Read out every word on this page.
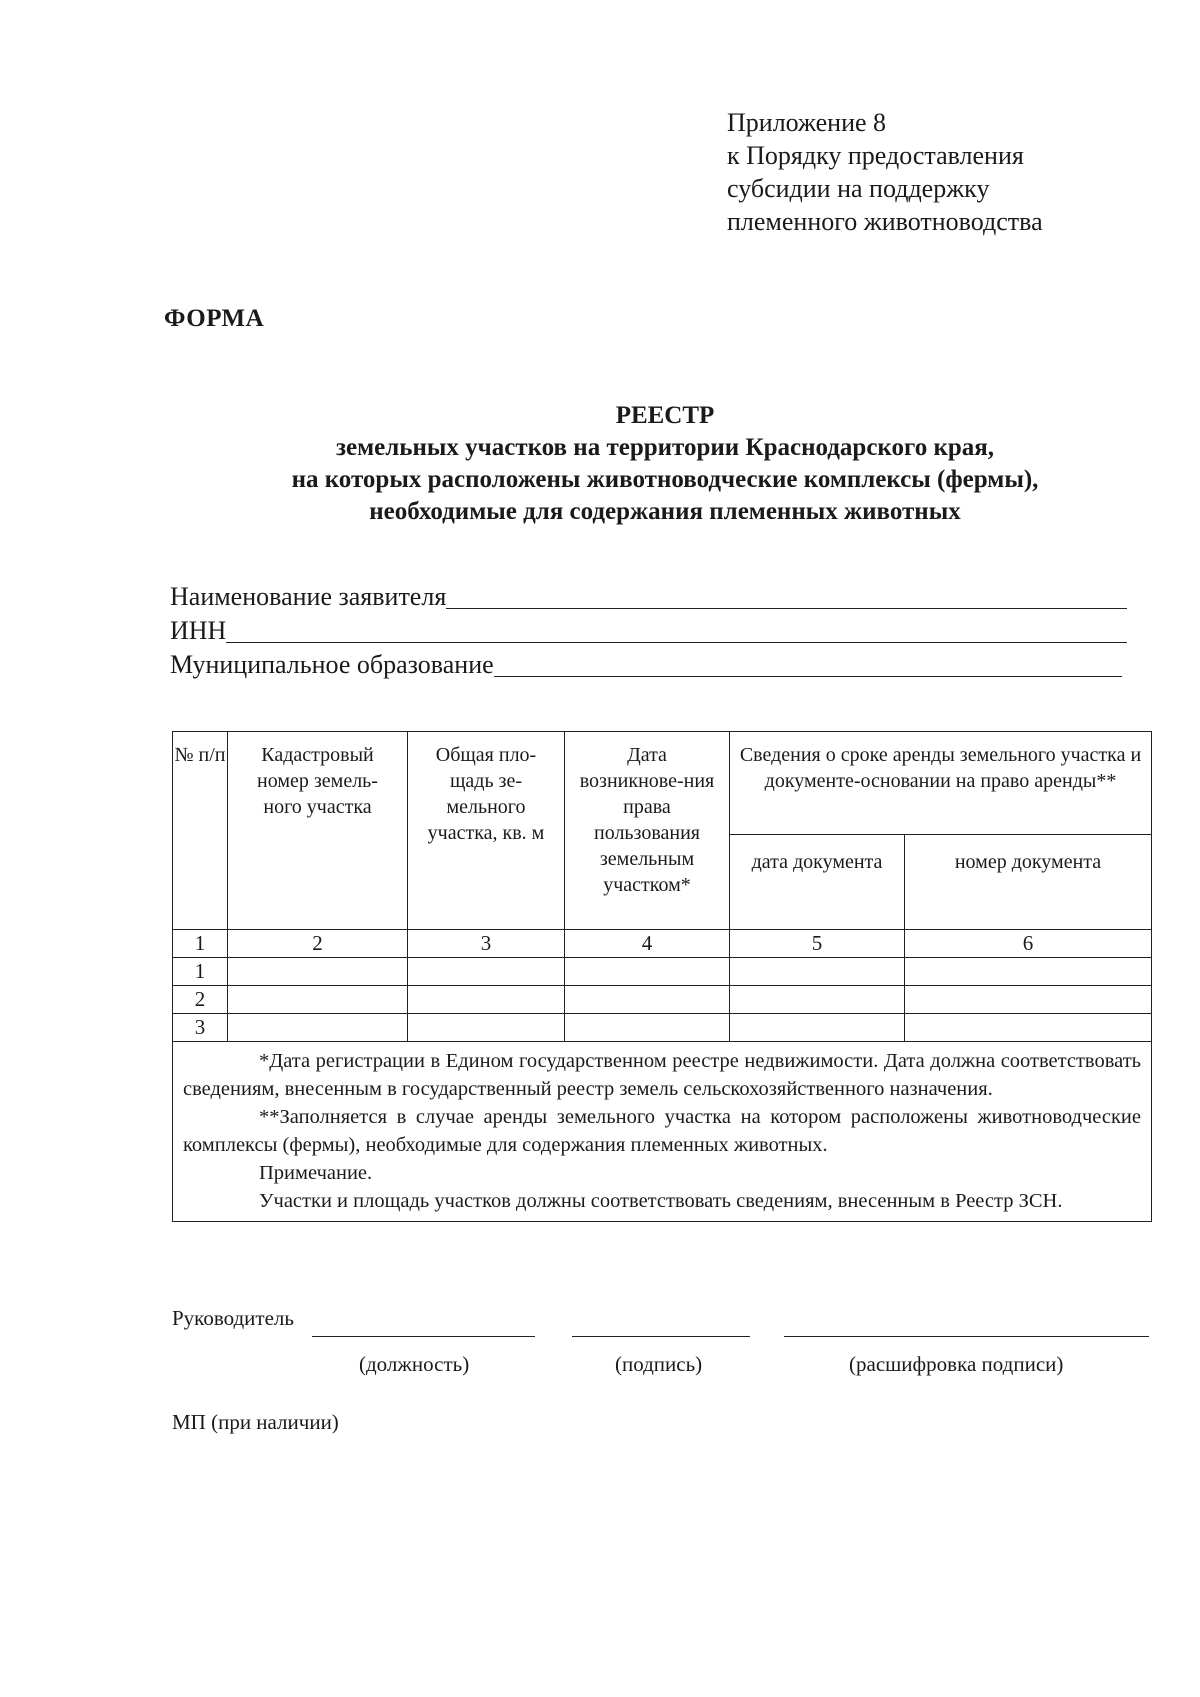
Приложение 8
к Порядку предоставления
субсидии на поддержку
племенного животноводства
ФОРМА
РЕЕСТР
земельных участков на территории Краснодарского края,
на которых расположены животноводческие комплексы (фермы),
необходимые для содержания племенных животных
Наименование заявителя
ИНН
Муниципальное образование
№ п/п	Кадастровый номер земель-ного участка	Общая пло-щадь зе-мельного участка, кв. м	Дата возникнове-ния права пользования земельным участком*	Сведения о сроке аренды земельного участка и документе-основании на право аренды**	
				дата документа	номер документа
1	2	3	4	5	6
1					
2					
3					

*Дата регистрации в Едином государственном реестре недвижимости. Дата должна соответствовать сведениям, внесенным в государственный реестр земель сельскохозяйственного назначения.

**Заполняется в случае аренды земельного участка на котором расположены животноводческие комплексы (фермы), необходимые для содержания племенных животных.

Примечание.

Участки и площадь участков должны соответствовать сведениям, внесенным в Реестр ЗСН.					

Руководитель
(должность)	(подпись)	(расшифровка подписи)
МП (при наличии)
